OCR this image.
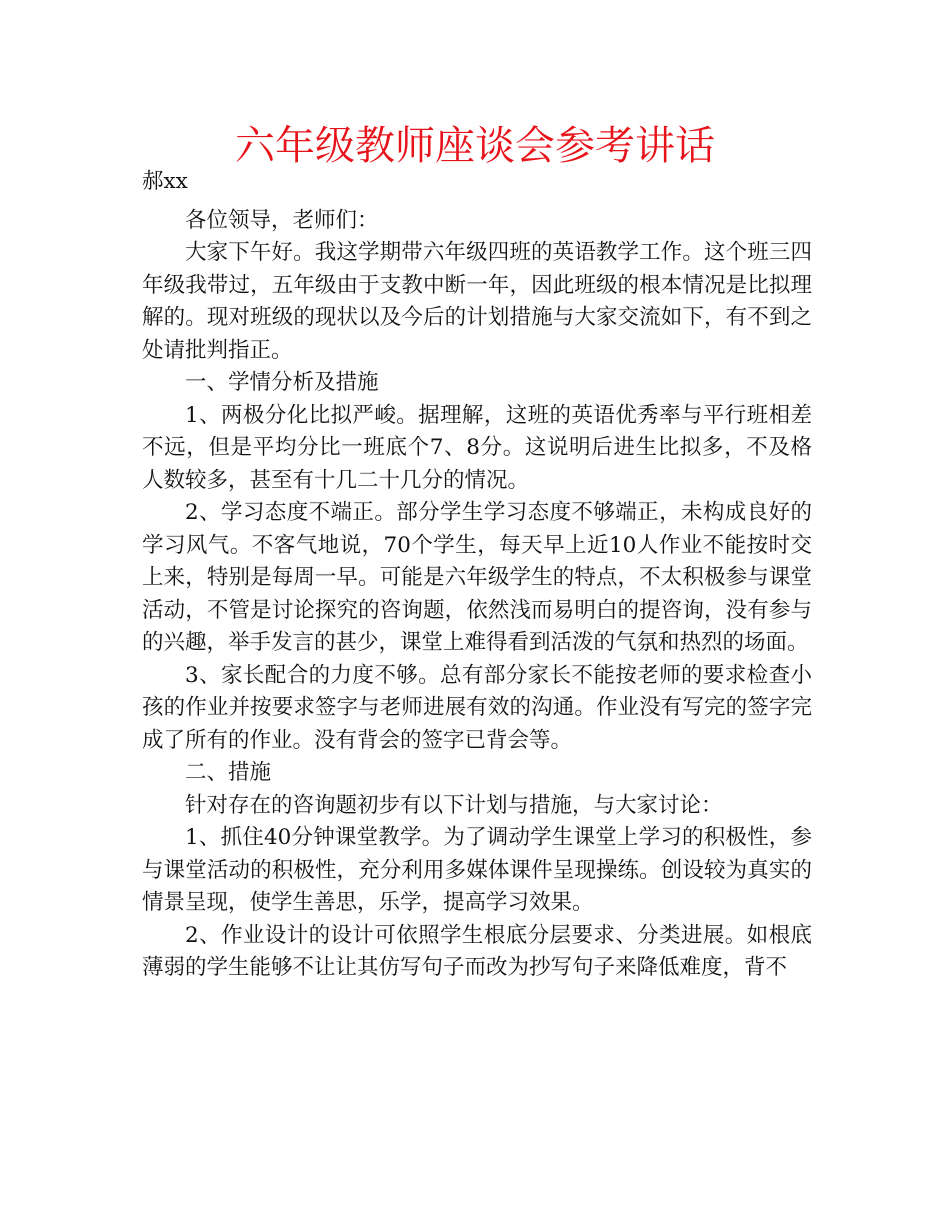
六年级教师座谈会参考讲话

郝xx

各位领导，老师们：

大家下午好。我这学期带六年级四班的英语教学工作。这个班三四年级我带过，五年级由于支教中断一年，因此班级的根本情况是比拟理解的。现对班级的现状以及今后的计划措施与大家交流如下，有不到之处请批判指正。

一、学情分析及措施

1、两极分化比拟严峻。据理解，这班的英语优秀率与平行班相差不远，但是平均分比一班底个7、8分。这说明后进生比拟多，不及格人数较多，甚至有十几二十几分的情况。

2、学习态度不端正。部分学生学习态度不够端正，未构成良好的学习风气。不客气地说，70个学生，每天早上近10人作业不能按时交上来，特别是每周一早。可能是六年级学生的特点，不太积极参与课堂活动，不管是讨论探究的咨询题，依然浅而易明白的提咨询，没有参与的兴趣，举手发言的甚少，课堂上难得看到活泼的气氛和热烈的场面。

3、家长配合的力度不够。总有部分家长不能按老师的要求检查小孩的作业并按要求签字与老师进展有效的沟通。作业没有写完的签字完成了所有的作业。没有背会的签字已背会等。

二、措施

针对存在的咨询题初步有以下计划与措施，与大家讨论：

1、抓住40分钟课堂教学。为了调动学生课堂上学习的积极性，参与课堂活动的积极性，充分利用多媒体课件呈现操练。创设较为真实的情景呈现，使学生善思，乐学，提高学习效果。

2、作业设计的设计可依照学生根底分层要求、分类进展。如根底薄弱的学生能够不让让其仿写句子而改为抄写句子来降低难度，背不
